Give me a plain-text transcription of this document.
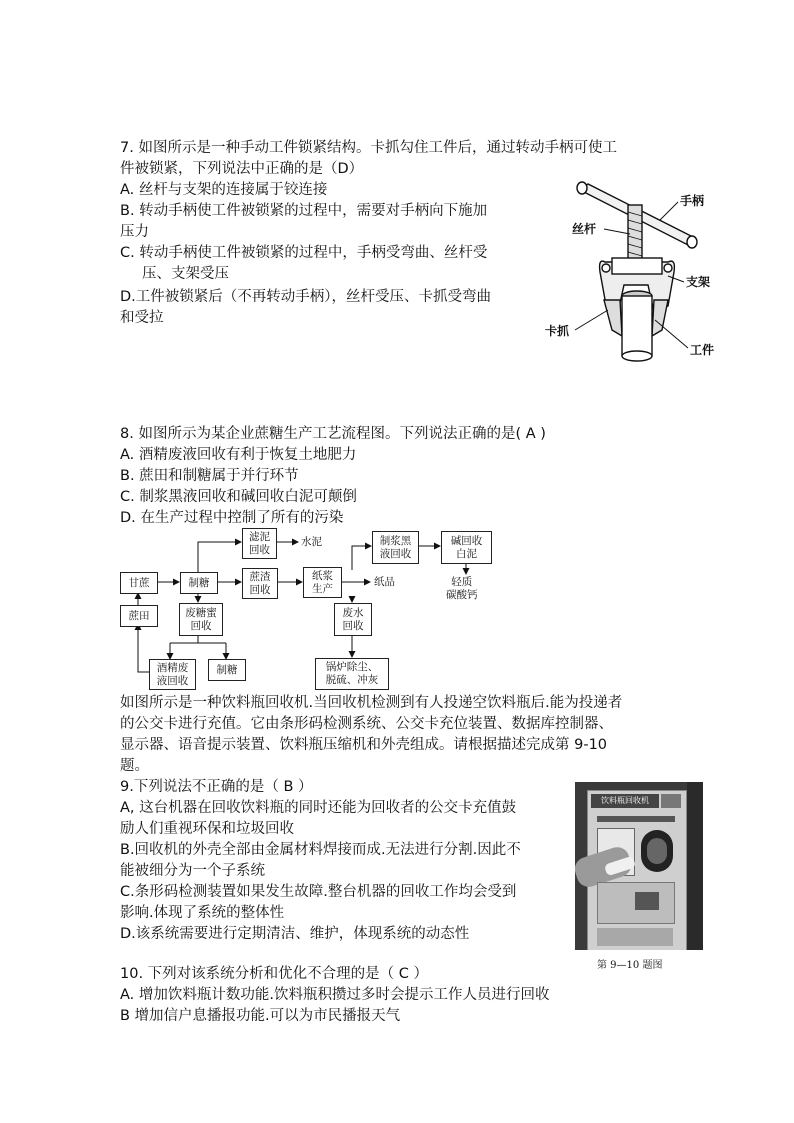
7. 如图所示是一种手动工件锁紧结构。卡抓勾住工件后，通过转动手柄可使工
件被锁紧，下列说法中正确的是（D）
A. 丝杆与支架的连接属于铰连接
B. 转动手柄使工件被锁紧的过程中，需要对手柄向下施加
压力
C. 转动手柄使工件被锁紧的过程中，手柄受弯曲、丝杆受
压、支架受压
D.工件被锁紧后（不再转动手柄），丝杆受压、卡抓受弯曲
和受拉
手柄
丝杆
支架
卡抓
工件
8. 如图所示为某企业蔗糖生产工艺流程图。下列说法正确的是( A )
A. 酒精废液回收有利于恢复土地肥力
B. 蔗田和制糖属于并行环节
C. 制浆黑液回收和碱回收白泥可颠倒
D. 在生产过程中控制了所有的污染
甘蔗	制糖
蔗田
滤泥
回收
水泥
蔗渣
回收
废糖蜜
回收
酒精废
液回收
制糖
纸浆
生产
纸品
制浆黑
液回收
碱回收
白泥
轻质
碳酸钙
废水
回收
锅炉除尘、
脱硫、冲灰
如图所示是一种饮料瓶回收机.当回收机检测到有人投递空饮料瓶后.能为投递者
的公交卡进行充值。它由条形码检测系统、公交卡充位装置、数据库控制器、
显示器、语音提示装置、饮料瓶压缩机和外壳组成。请根据描述完成第 9-10
题。
9.下列说法不正确的是（ B ）
A, 这台机器在回收饮料瓶的同时还能为回收者的公交卡充值鼓
励人们重视环保和垃圾回收
B.回收机的外壳全部由金属材料焊接而成.无法进行分割.因此不
能被细分为一个子系统
C.条形码检测装置如果发生故障.整台机器的回收工作均会受到
影响.体现了系统的整体性
D.该系统需要进行定期清洁、维护，体现系统的动态性
饮料瓶回收机
第 9—10 题图
10. 下列对该系统分析和优化不合理的是（ C ）
A. 增加饮料瓶计数功能.饮料瓶积攒过多时会提示工作人员进行回收
B 增加信户息播报功能.可以为市民播报天气
